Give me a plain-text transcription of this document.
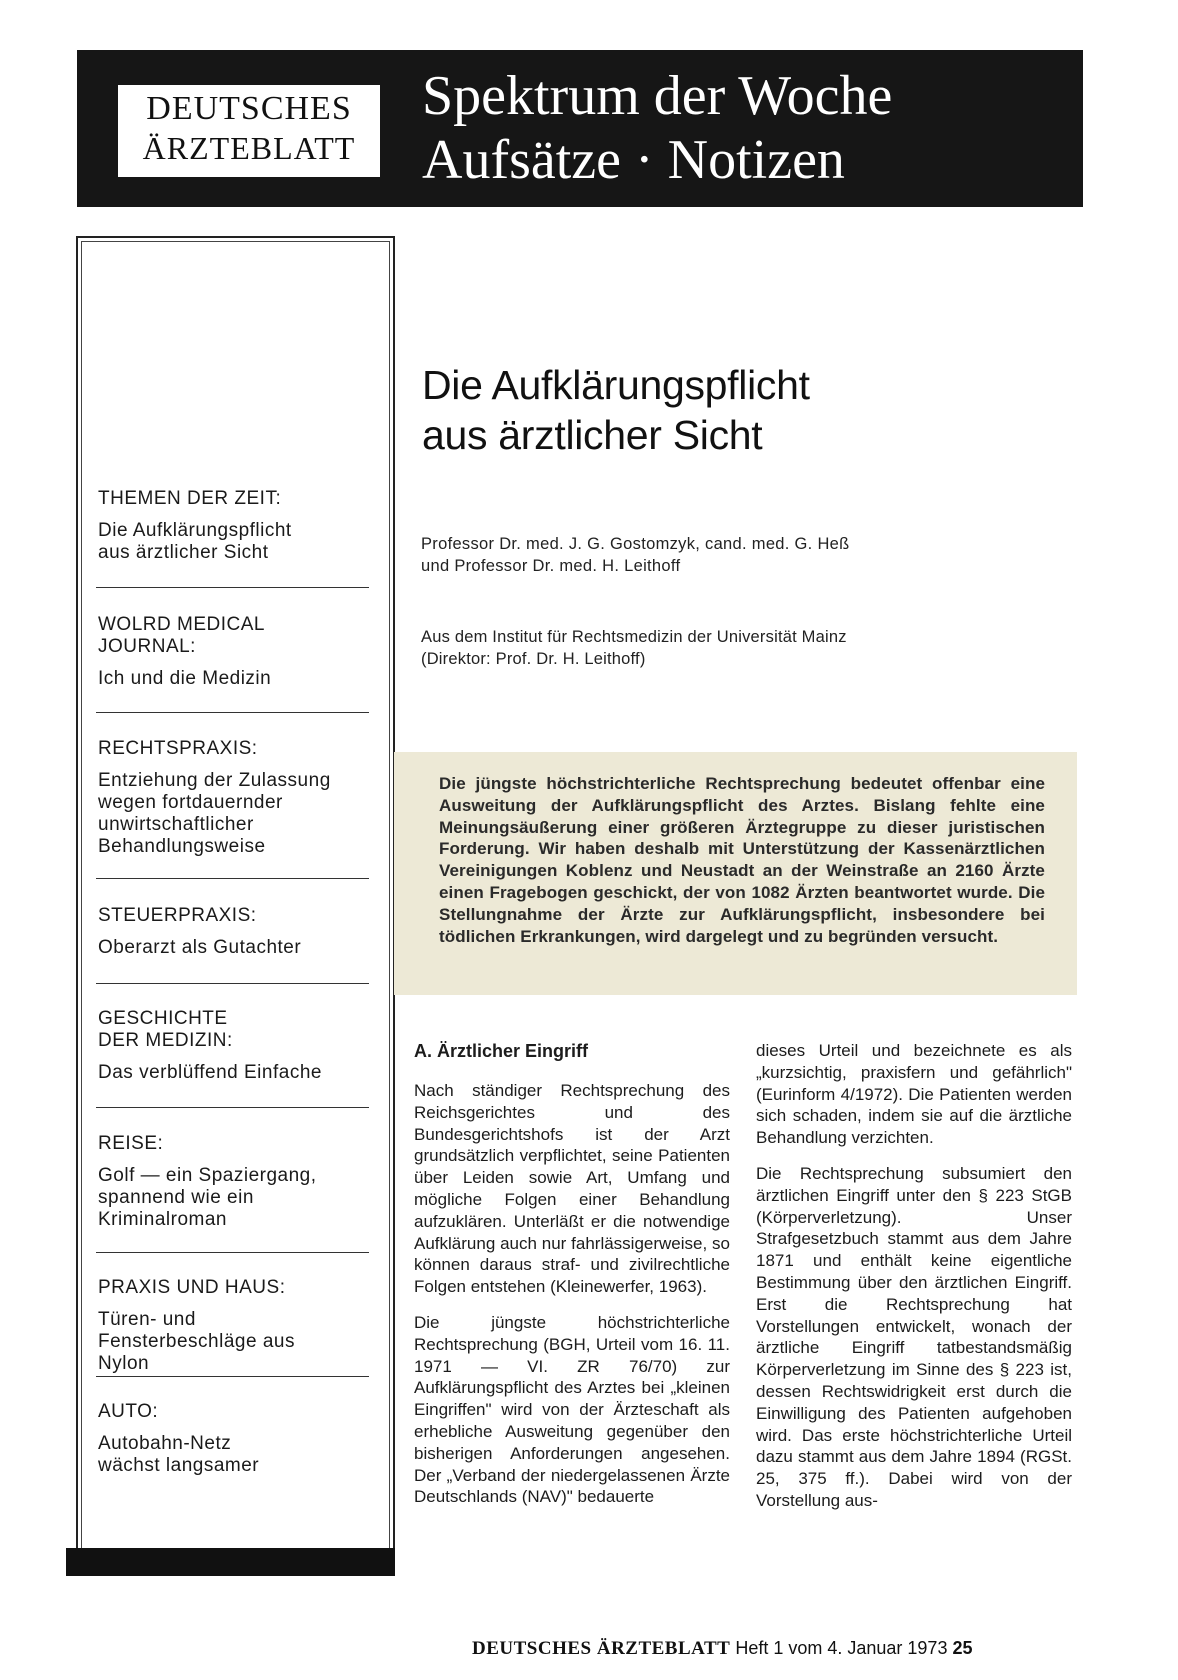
DEUTSCHES
ÄRZTEBLATT
Spektrum der Woche
Aufsätze · Notizen
THEMEN DER ZEIT:
Die Aufklärungspflicht aus ärztlicher Sicht
WOLRD MEDICAL JOURNAL:
Ich und die Medizin
RECHTSPRAXIS:
Entziehung der Zulassung wegen fortdauernder unwirtschaftlicher Behandlungsweise
STEUERPRAXIS:
Oberarzt als Gutachter
GESCHICHTE DER MEDIZIN:
Das verblüffend Einfache
REISE:
Golf — ein Spaziergang, spannend wie ein Kriminalroman
PRAXIS UND HAUS:
Türen- und Fensterbeschläge aus Nylon
AUTO:
Autobahn-Netz wächst langsamer
Die Aufklärungspflicht
aus ärztlicher Sicht
Professor Dr. med. J. G. Gostomzyk, cand. med. G. Heß
und Professor Dr. med. H. Leithoff
Aus dem Institut für Rechtsmedizin der Universität Mainz
(Direktor: Prof. Dr. H. Leithoff)

Die jüngste höchstrichterliche Rechtsprechung bedeutet offenbar eine Ausweitung der Aufklärungspflicht des Arztes. Bislang fehlte eine Meinungsäußerung einer größeren Ärztegruppe zu dieser juristischen Forderung. Wir haben deshalb mit Unterstützung der Kassenärztlichen Vereinigungen Koblenz und Neustadt an der Weinstraße an 2160 Ärzte einen Fragebogen geschickt, der von 1082 Ärzten beantwortet wurde. Die Stellungnahme der Ärzte zur Aufklärungspflicht, insbesondere bei tödlichen Erkrankungen, wird dargelegt und zu begründen versucht.

A. Ärztlicher Eingriff

Nach ständiger Rechtsprechung des Reichsgerichtes und des Bundesgerichtshofs ist der Arzt grundsätzlich verpflichtet, seine Patienten über Leiden sowie Art, Umfang und mögliche Folgen einer Behandlung aufzuklären. Unterläßt er die notwendige Aufklärung auch nur fahrlässigerweise, so können daraus straf- und zivilrechtliche Folgen entstehen (Kleinewerfer, 1963).

Die jüngste höchstrichterliche Rechtsprechung (BGH, Urteil vom 16. 11. 1971 — VI. ZR 76/70) zur Aufklärungspflicht des Arztes bei „kleinen Eingriffen" wird von der Ärzteschaft als erhebliche Ausweitung gegenüber den bisherigen Anforderungen angesehen. Der „Verband der niedergelassenen Ärzte Deutschlands (NAV)" bedauerte

dieses Urteil und bezeichnete es als „kurzsichtig, praxisfern und gefährlich" (Eurinform 4/1972). Die Patienten werden sich schaden, indem sie auf die ärztliche Behandlung verzichten.

Die Rechtsprechung subsumiert den ärztlichen Eingriff unter den § 223 StGB (Körperverletzung). Unser Strafgesetzbuch stammt aus dem Jahre 1871 und enthält keine eigentliche Bestimmung über den ärztlichen Eingriff. Erst die Rechtsprechung hat Vorstellungen entwickelt, wonach der ärztliche Eingriff tatbestandsmäßig Körperverletzung im Sinne des § 223 ist, dessen Rechtswidrigkeit erst durch die Einwilligung des Patienten aufgehoben wird. Das erste höchstrichterliche Urteil dazu stammt aus dem Jahre 1894 (RGSt. 25, 375 ff.). Dabei wird von der Vorstellung aus-

DEUTSCHES ÄRZTEBLATT Heft 1 vom 4. Januar 1973 25
